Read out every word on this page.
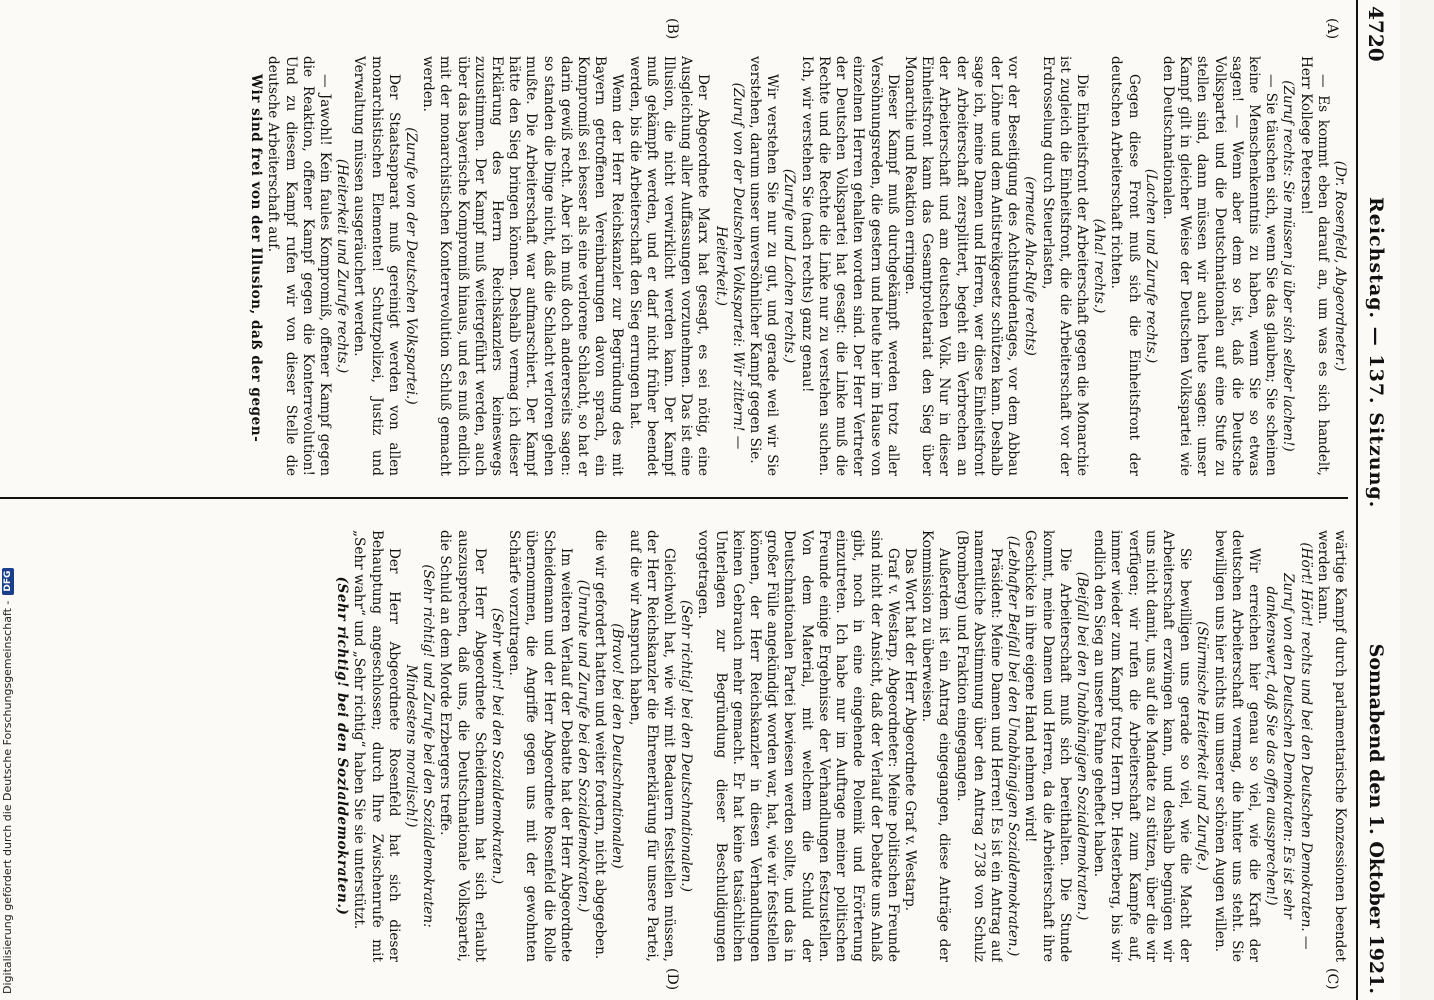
4720
Reichstag. — 137. Sitzung.
Sonnabend den 1. Oktober 1921.
(A)
(B)
(C)
(D)

(Dr. Rosenfeld, Abgeordneter.)

— Es kommt eben darauf an, um was es sich handelt, Herr Kollege Petersen!

(Zuruf rechts: Sie müssen ja über sich selber lachen!)

— Sie täuschen sich, wenn Sie das glauben; Sie scheinen keine Menschenkenntnis zu haben, wenn Sie so etwas sagen! — Wenn aber dem so ist, daß die Deutsche Volkspartei und die Deutschnationalen auf eine Stufe zu stellen sind, dann müssen wir auch heute sagen: unser Kampf gilt in gleicher Weise der Deutschen Volkspartei wie den Deutschnationalen.

(Lachen und Zurufe rechts.)

Gegen diese Front muß sich die Einheitsfront der deutschen Arbeiterschaft richten.

(Aha! rechts.)

Die Einheitsfront der Arbeiterschaft gegen die Monarchie ist zugleich die Einheitsfront, die die Arbeiterschaft vor der Erdrosselung durch Steuerlasten,

(erneute Aha-Rufe rechts)

vor der Beseitigung des Achtstundentages, vor dem Abbau der Löhne und dem Antistreikgesetz schützen kann. Deshalb sage ich, meine Damen und Herren, wer diese Einheitsfront der Arbeiterschaft zersplittert, begeht ein Verbrechen an der Arbeiterschaft und am deutschen Volk. Nur in dieser Einheitsfront kann das Gesamtproletariat den Sieg über Monarchie und Reaktion erringen.

Dieser Kampf muß durchgekämpft werden trotz aller Versöhnungsreden, die gestern und heute hier im Hause von einzelnen Herren gehalten worden sind. Der Herr Vertreter der Deutschen Volkspartei hat gesagt: die Linke muß die Rechte und die Rechte die Linke nur zu verstehen suchen. Ich, wir verstehen Sie (nach rechts) ganz genau!

(Zurufe und Lachen rechts.)

Wir verstehen Sie nur zu gut, und gerade weil wir Sie verstehen, darum unser unversöhnlicher Kampf gegen Sie.

(Zuruf von der Deutschen Volkspartei: Wir zittern! — Heiterkeit.)

Der Abgeordnete Marx hat gesagt, es sei nötig, eine Ausgleichung aller Auffassungen vorzunehmen. Das ist eine Illusion, die nicht verwirklicht werden kann. Der Kampf muß gekämpft werden, und er darf nicht früher beendet werden, bis die Arbeiterschaft den Sieg errungen hat.

Wenn der Herr Reichskanzler zur Begründung des mit Bayern getroffenen Vereinbarungen davon sprach, ein Kompromiß sei besser als eine verlorene Schlacht, so hat er darin gewiß recht. Aber ich muß doch andererseits sagen: so standen die Dinge nicht, daß die Schlacht verloren gehen mußte. Die Arbeiterschaft war aufmarschiert. Der Kampf hätte den Sieg bringen können. Deshalb vermag ich dieser Erklärung des Herrn Reichskanzlers keineswegs zuzustimmen. Der Kampf muß weitergeführt werden, auch über das bayerische Kompromiß hinaus, und es muß endlich mit der monarchistischen Konterrevolution Schluß gemacht werden.

(Zurufe von der Deutschen Volkspartei.)

Der Staatsapparat muß gereinigt werden von allen monarchistischen Elementen! Schutzpolizei, Justiz und Verwaltung müssen ausgeräuchert werden.

(Heiterkeit und Zurufe rechts.)

— Jawohl! Kein faules Kompromiß, offener Kampf gegen die Reaktion, offener Kampf gegen die Konterrevolution! Und zu diesem Kampf rufen wir von dieser Stelle die deutsche Arbeiterschaft auf.

Wir sind frei von der Illusion, daß der gegen-

wärtige Kampf durch parlamentarische Konzessionen beendet werden kann.

(Hört! Hört! rechts und bei den Deutschen Demokraten. — Zuruf von den Deutschen Demokraten: Es ist sehr dankenswert, daß Sie das offen aussprechen!)

Wir erreichen hier genau so viel, wie die Kraft der deutschen Arbeiterschaft vermag, die hinter uns steht. Sie bewilligen uns hier nichts um unserer schönen Augen willen.

(Stürmische Heiterkeit und Zurufe.)

Sie bewilligen uns gerade so viel, wie die Macht der Arbeiterschaft erzwingen kann, und deshalb begnügen wir uns nicht damit, uns auf die Mandate zu stützen, über die wir verfügen; wir rufen die Arbeiterschaft zum Kampfe auf, immer wieder zum Kampf trotz Herrn Dr. Hesterberg, bis wir endlich den Sieg an unsere Fahne geheftet haben.

(Beifall bei den Unabhängigen Sozialdemokraten.)

Die Arbeiterschaft muß sich bereithalten. Die Stunde kommt, meine Damen und Herren, da die Arbeiterschaft ihre Geschicke in ihre eigene Hand nehmen wird!

(Lebhafter Beifall bei den Unabhängigen Sozialdemokraten.)

Präsident: Meine Damen und Herren! Es ist ein Antrag auf namentliche Abstimmung über den Antrag 2738 von Schulz (Bromberg) und Fraktion eingegangen.

Außerdem ist ein Antrag eingegangen, diese Anträge der Kommission zu überweisen.

Das Wort hat der Herr Abgeordnete Graf v. Westarp.

Graf v. Westarp, Abgeordneter: Meine politischen Freunde sind nicht der Ansicht, daß der Verlauf der Debatte uns Anlaß gibt, noch in eine eingehende Polemik und Erörterung einzutreten. Ich habe nur im Auftrage meiner politischen Freunde einige Ergebnisse der Verhandlungen festzustellen. Von dem Material, mit welchem die Schuld der Deutschnationalen Partei bewiesen werden sollte, und das in großer Fülle angekündigt worden war, hat, wie wir feststellen können, der Herr Reichskanzler in diesen Verhandlungen keinen Gebrauch mehr gemacht. Er hat keine tatsächlichen Unterlagen zur Begründung dieser Beschuldigungen vorgetragen.

(Sehr richtig! bei den Deutschnationalen.)

Gleichwohl hat, wie wir mit Bedauern feststellen müssen, der Herr Reichskanzler die Ehrenerklärung für unsere Partei, auf die wir Anspruch haben,

(Bravo! bei den Deutschnationalen)

die wir gefordert hatten und weiter fordern, nicht abgegeben.

(Unruhe und Zurufe bei den Sozialdemokraten.)

Im weiteren Verlauf der Debatte hat der Herr Abgeordnete Scheidemann und der Herr Abgeordnete Rosenfeld die Rolle übernommen, die Angriffe gegen uns mit der gewohnten Schärfe vorzutragen.

(Sehr wahr! bei den Sozialdemokraten.)

Der Herr Abgeordnete Scheidemann hat sich erlaubt auszusprechen, daß uns, die Deutschnationale Volkspartei, die Schuld an dem Morde Erzbergers treffe.

(Sehr richtig! und Zurufe bei den Sozialdemokraten: Mindestens moralisch!)

Der Herr Abgeordnete Rosenfeld hat sich dieser Behauptung angeschlossen; durch Ihre Zwischenrufe mit „Sehr wahr“ und „Sehr richtig“ haben Sie sie unterstützt.

(Sehr richtig! bei den Sozialdemokraten.)

Digitalisierung gefördert durch die Deutsche Forschungsgemeinschaft -
DFG
